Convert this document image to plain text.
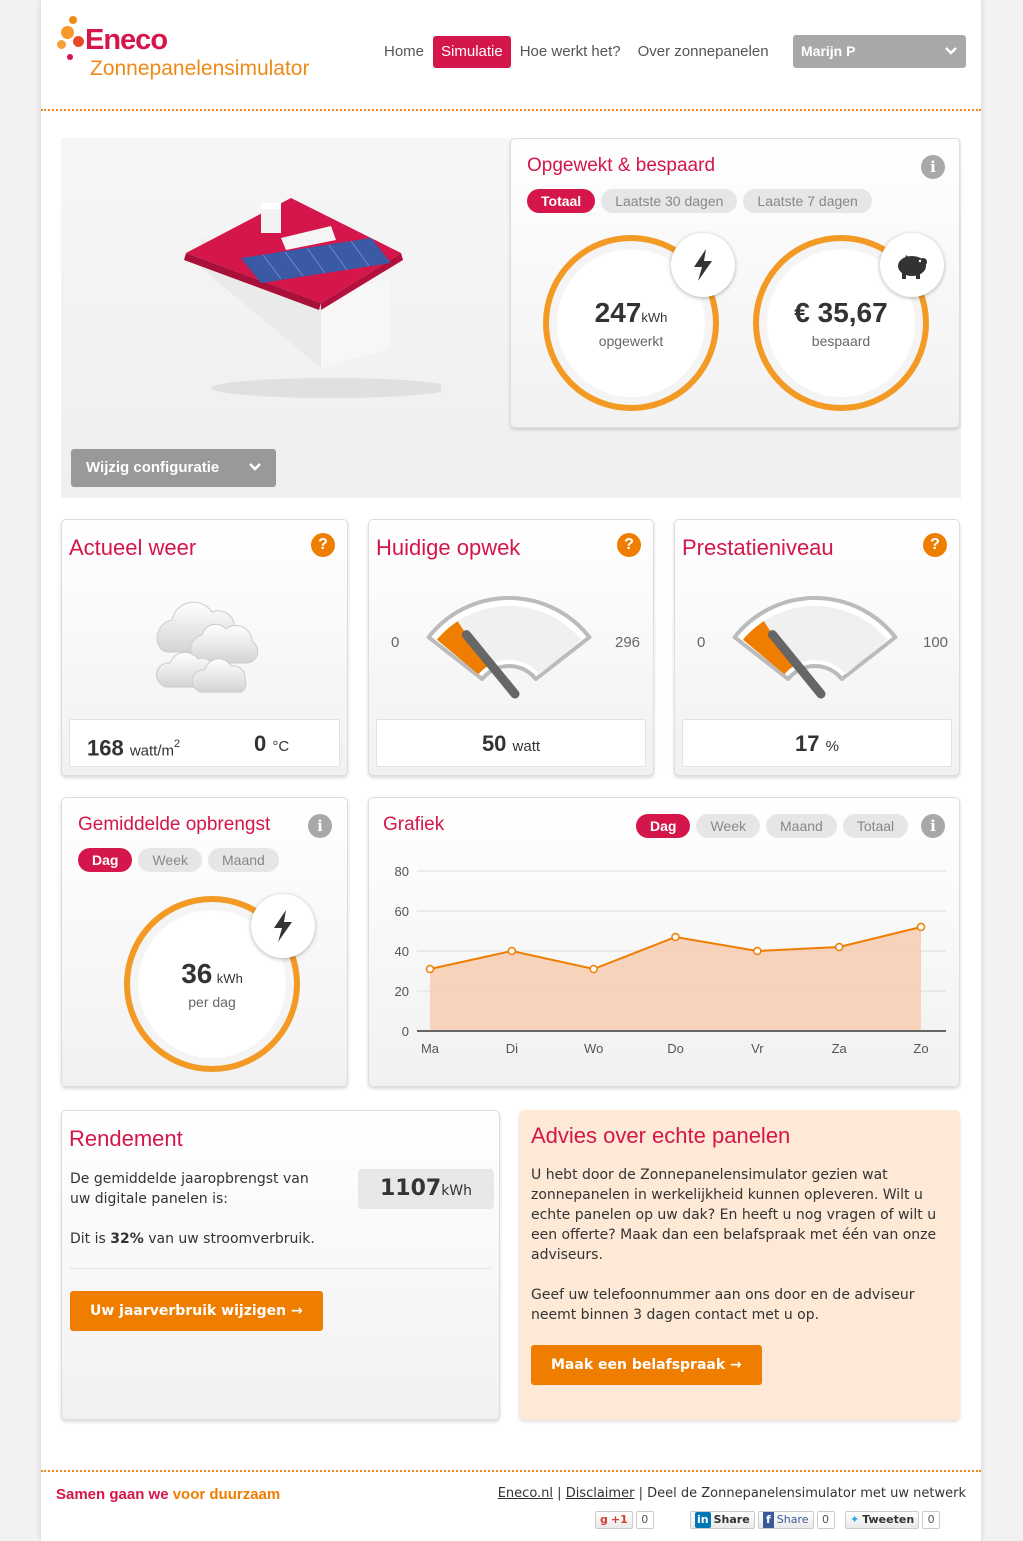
Eneco
Zonnepanelensimulator
Home	Simulatie	Hoe werkt het?	Over zonnepanelen	Marijn P
Wijzig configuratie
Opgewekt & bespaard	i
Totaal	Laatste 30 dagen	Laatste 7 dagen
247kWh
opgewerkt
€ 35,67
bespaard
Actueel weer	?
168 watt/$m^2$	0 °C
Huidige opwek	?
0	296
50 watt
Prestatieniveau	?
0	100
17 %
Gemiddelde opbrengst	i
Dag	Week	Maand
36 kWh
per dag
Grafiek	Dag	Week	Maand	Totaal	i
0
20
40
60
80
Ma	Di	Wo	Do	Vr	Za	Zo
Rendement
De gemiddelde jaaropbrengst van
uw digitale panelen is:	1107kWh
Dit is 32% van uw stroomverbruik.
Uw jaarverbruik wijzigen →
Advies over echte panelen
U hebt door de Zonnepanelensimulator gezien wat zonnepanelen in werkelijkheid kunnen opleveren. Wilt u echte panelen op uw dak? En heeft u nog vragen of wilt u een offerte? Maak dan een belafspraak met één van onze adviseurs.
Geef uw telefoonnummer aan ons door en de adviseur neemt binnen 3 dagen contact met u op.
Maak een belafspraak →
Samen gaan we voor duurzaam	Eneco.nl | Disclaimer | Deel de Zonnepanelensimulator met uw netwerk
g +1	0	in Share f Share	0	✦ Tweeten	0
